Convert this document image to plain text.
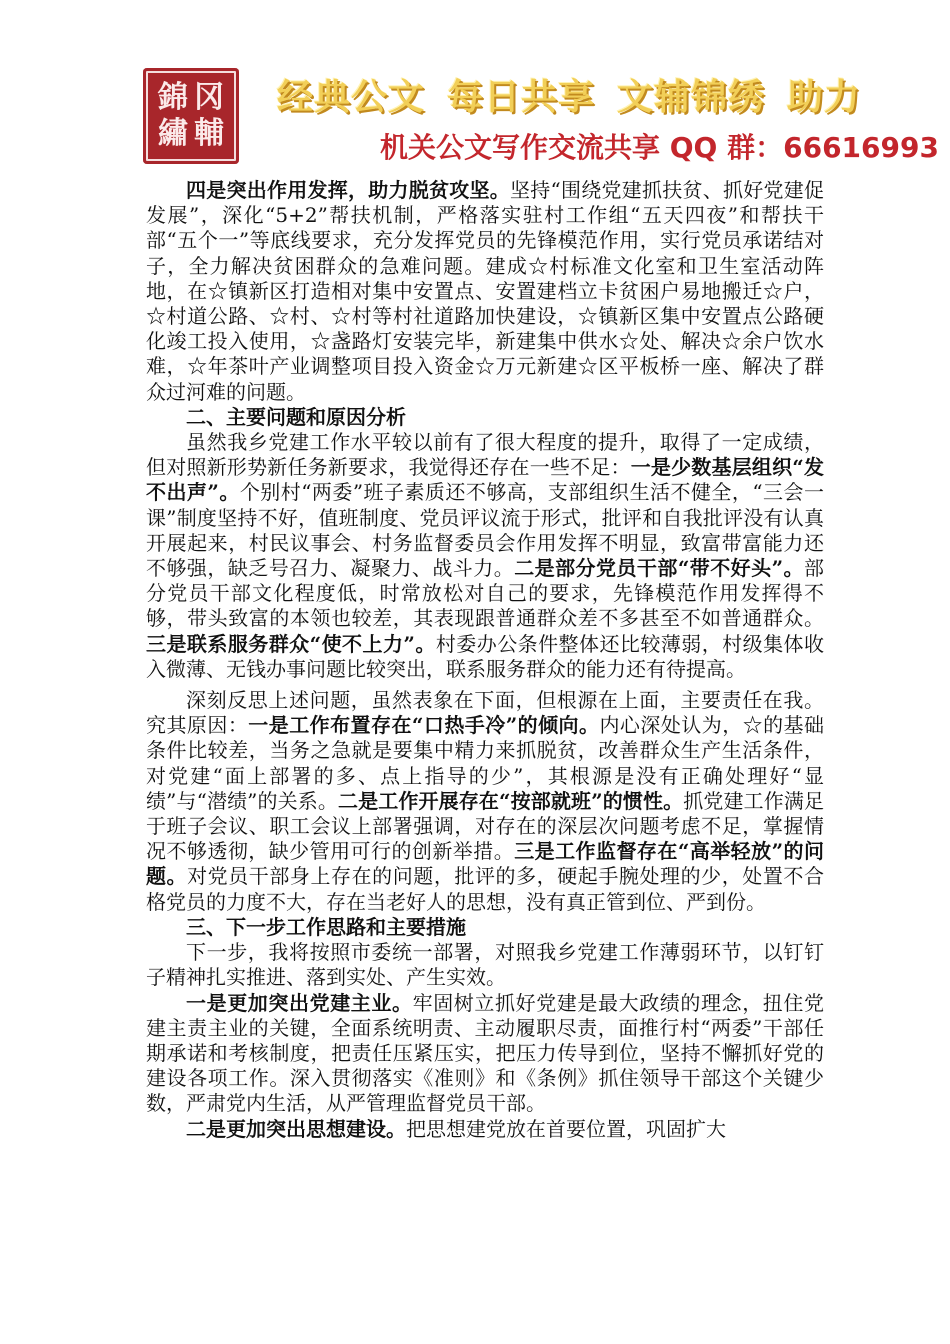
錦 冈
繡 輔
经典公文 每日共享 文辅锦绣 助力
机关公文写作交流共享 QQ 群：66616993

四是突出作用发挥，助力脱贫攻坚。坚持“围绕党建抓扶贫、抓好党建促发展”，深化“5+2”帮扶机制，严格落实驻村工作组“五天四夜”和帮扶干部“五个一”等底线要求，充分发挥党员的先锋模范作用，实行党员承诺结对子，全力解决贫困群众的急难问题。建成☆村标准文化室和卫生室活动阵地，在☆镇新区打造相对集中安置点、安置建档立卡贫困户易地搬迁☆户，☆村道公路、☆村、☆村等村社道路加快建设，☆镇新区集中安置点公路硬化竣工投入使用，☆盏路灯安装完毕，新建集中供水☆处、解决☆余户饮水难，☆年茶叶产业调整项目投入资金☆万元新建☆区平板桥一座、解决了群众过河难的问题。

二、主要问题和原因分析

虽然我乡党建工作水平较以前有了很大程度的提升，取得了一定成绩，但对照新形势新任务新要求，我觉得还存在一些不足：一是少数基层组织“发不出声”。个别村“两委”班子素质还不够高，支部组织生活不健全，“三会一课”制度坚持不好，值班制度、党员评议流于形式，批评和自我批评没有认真开展起来，村民议事会、村务监督委员会作用发挥不明显，致富带富能力还不够强，缺乏号召力、凝聚力、战斗力。二是部分党员干部“带不好头”。部分党员干部文化程度低，时常放松对自己的要求，先锋模范作用发挥得不够，带头致富的本领也较差，其表现跟普通群众差不多甚至不如普通群众。三是联系服务群众“使不上力”。村委办公条件整体还比较薄弱，村级集体收入微薄、无钱办事问题比较突出，联系服务群众的能力还有待提高。

深刻反思上述问题，虽然表象在下面，但根源在上面，主要责任在我。究其原因：一是工作布置存在“口热手冷”的倾向。内心深处认为，☆的基础条件比较差，当务之急就是要集中精力来抓脱贫，改善群众生产生活条件，对党建“面上部署的多、点上指导的少”，其根源是没有正确处理好“显绩”与“潜绩”的关系。二是工作开展存在“按部就班”的惯性。抓党建工作满足于班子会议、职工会议上部署强调，对存在的深层次问题考虑不足，掌握情况不够透彻，缺少管用可行的创新举措。三是工作监督存在“高举轻放”的问题。对党员干部身上存在的问题，批评的多，硬起手腕处理的少，处置不合格党员的力度不大，存在当老好人的思想，没有真正管到位、严到份。

三、下一步工作思路和主要措施

下一步，我将按照市委统一部署，对照我乡党建工作薄弱环节，以钉钉子精神扎实推进、落到实处、产生实效。

一是更加突出党建主业。牢固树立抓好党建是最大政绩的理念，扭住党建主责主业的关键，全面系统明责、主动履职尽责，面推行村“两委”干部任期承诺和考核制度，把责任压紧压实，把压力传导到位，坚持不懈抓好党的建设各项工作。深入贯彻落实《准则》和《条例》抓住领导干部这个关键少数，严肃党内生活，从严管理监督党员干部。

二是更加突出思想建设。把思想建党放在首要位置，巩固扩大
